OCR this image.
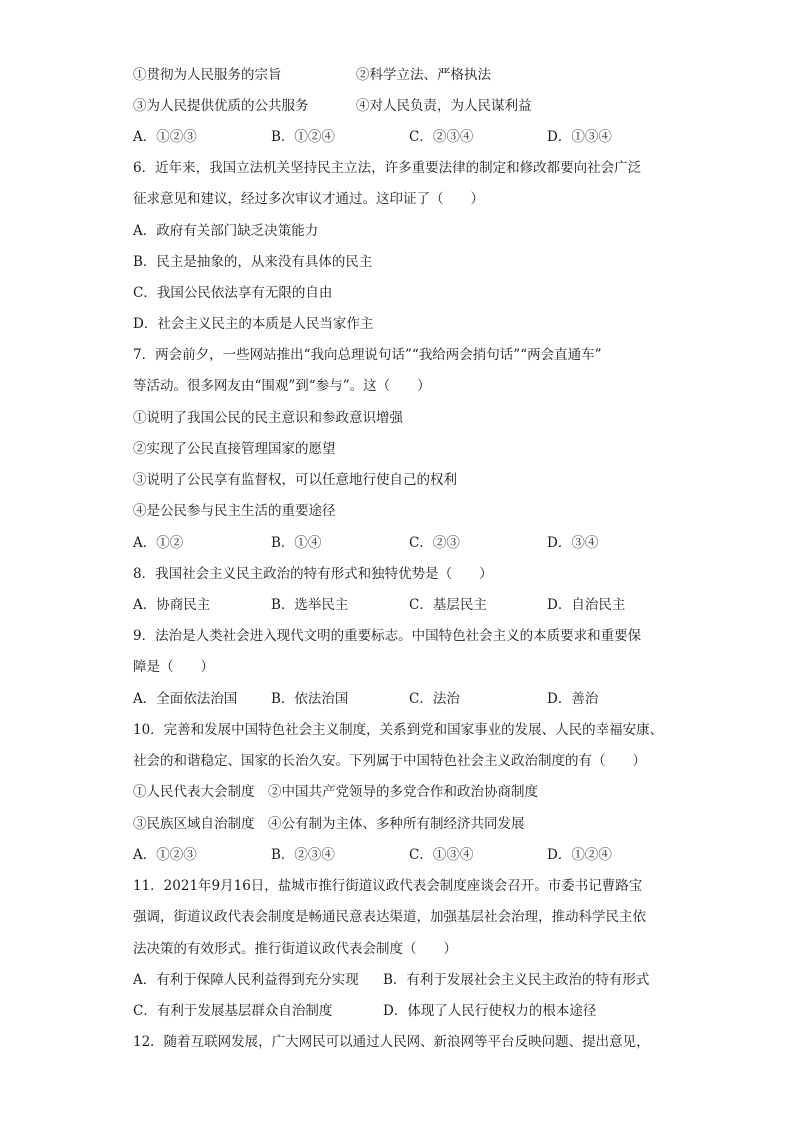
①贯彻为人民服务的宗旨	②科学立法、严格执法
③为人民提供优质的公共服务	④对人民负责，为人民谋利益
A．①②③	B．①②④	C．②③④	D．①③④
6．近年来，我国立法机关坚持民主立法，许多重要法律的制定和修改都要向社会广泛
征求意见和建议，经过多次审议才通过。这印证了（　　）
A．政府有关部门缺乏决策能力
B．民主是抽象的，从来没有具体的民主
C．我国公民依法享有无限的自由
D．社会主义民主的本质是人民当家作主
7．两会前夕，一些网站推出“我向总理说句话”“我给两会捎句话”“两会直通车”
等活动。很多网友由“围观”到“参与”。这（　　）
①说明了我国公民的民主意识和参政意识增强
②实现了公民直接管理国家的愿望
③说明了公民享有监督权，可以任意地行使自己的权利
④是公民参与民主生活的重要途径
A．①②	B．①④	C．②③	D．③④
8．我国社会主义民主政治的特有形式和独特优势是（　　）
A．协商民主	B．选举民主	C．基层民主	D．自治民主
9．法治是人类社会进入现代文明的重要标志。中国特色社会主义的本质要求和重要保
障是（　　）
A．全面依法治国	B．依法治国	C．法治	D．善治
10．完善和发展中国特色社会主义制度，关系到党和国家事业的发展、人民的幸福安康、
社会的和谐稳定、国家的长治久安。下列属于中国特色社会主义政治制度的有（　　）
①人民代表大会制度　②中国共产党领导的多党合作和政治协商制度
③民族区域自治制度　④公有制为主体、多种所有制经济共同发展
A．①②③	B．②③④	C．①③④	D．①②④
11．2021年9月16日，盐城市推行街道议政代表会制度座谈会召开。市委书记曹路宝
强调，街道议政代表会制度是畅通民意表达渠道，加强基层社会治理，推动科学民主依
法决策的有效形式。推行街道议政代表会制度（　　）
A．有利于保障人民利益得到充分实现 B．有利于发展社会主义民主政治的特有形式
C．有利于发展基层群众自治制度	D．体现了人民行使权力的根本途径
12．随着互联网发展，广大网民可以通过人民网、新浪网等平台反映问题、提出意见，
